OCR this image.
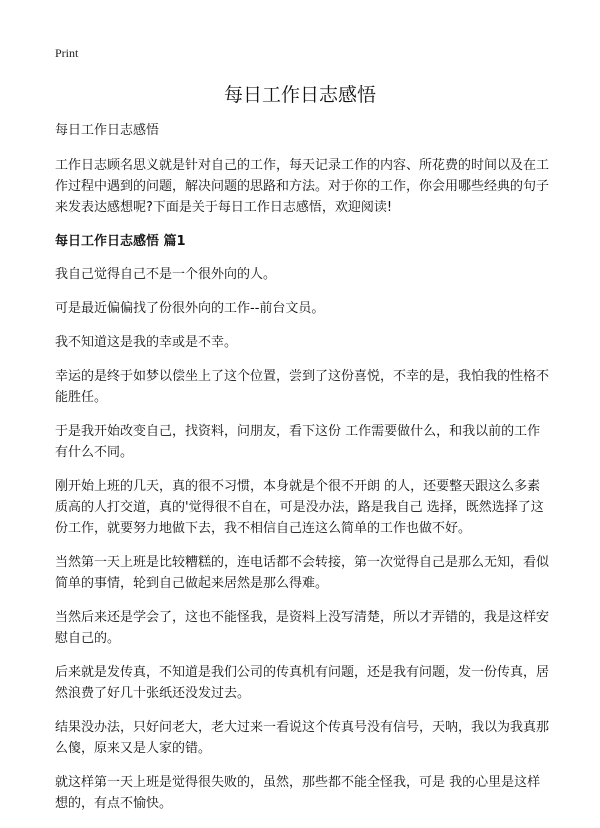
Print
每日工作日志感悟

每日工作日志感悟

工作日志顾名思义就是针对自己的工作，每天记录工作的内容、所花费的时间以及在工作过程中遇到的问题，解决问题的思路和方法。对于你的工作，你会用哪些经典的句子来发表达感想呢?下面是关于每日工作日志感悟，欢迎阅读!

每日工作日志感悟 篇1

我自己觉得自己不是一个很外向的人。

可是最近偏偏找了份很外向的工作--前台文员。

我不知道这是我的幸或是不幸。

幸运的是终于如梦以偿坐上了这个位置，尝到了这份喜悦，不幸的是，我怕我的性格不能胜任。

于是我开始改变自己，找资料，问朋友，看下这份 工作需要做什么，和我以前的工作有什么不同。

刚开始上班的几天，真的很不习惯，本身就是个很不开朗 的人，还要整天跟这么多素质高的人打交道，真的'觉得很不自在，可是没办法，路是我自己 选择，既然选择了这份工作，就要努力地做下去，我不相信自己连这么简单的工作也做不好。

当然第一天上班是比较糟糕的，连电话都不会转接，第一次觉得自己是那么无知，看似简单的事情，轮到自己做起来居然是那么得难。

当然后来还是学会了，这也不能怪我，是资料上没写清楚，所以才弄错的，我是这样安慰自己的。

后来就是发传真，不知道是我们公司的传真机有问题，还是我有问题，发一份传真，居然浪费了好几十张纸还没发过去。

结果没办法，只好问老大，老大过来一看说这个传真号没有信号，天呐，我以为我真那么傻，原来又是人家的错。

就这样第一天上班是觉得很失败的，虽然，那些都不能全怪我，可是 我的心里是这样想的，有点不愉快。
